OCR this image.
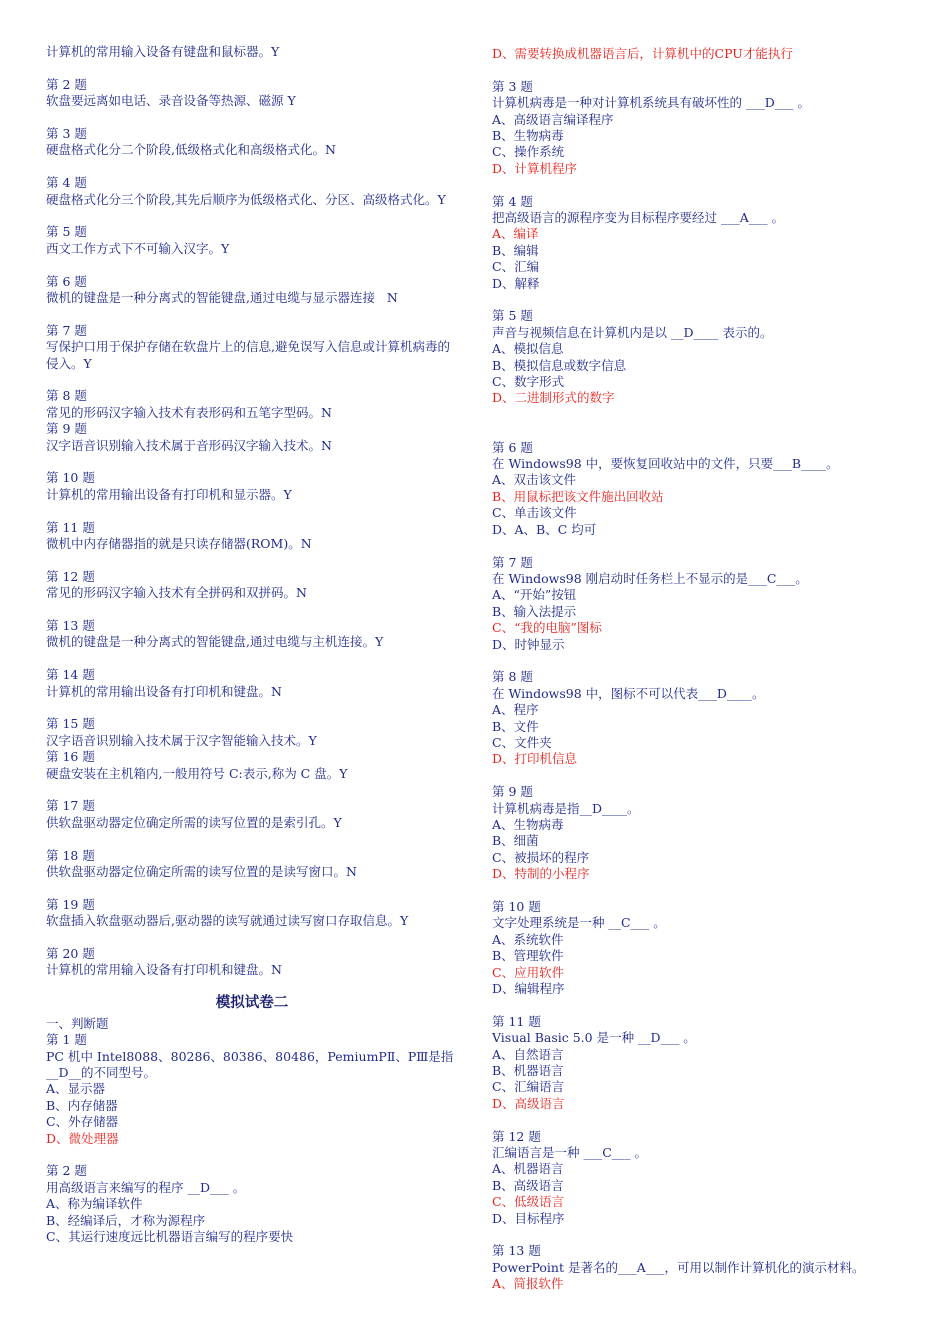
计算机的常用输入设备有键盘和鼠标器。Y
第 2 题
软盘要远离如电话、录音设备等热源、磁源 Y
第 3 题
硬盘格式化分二个阶段,低级格式化和高级格式化。N
第 4 题
硬盘格式化分三个阶段,其先后顺序为低级格式化、分区、高级格式化。Y
第 5 题
西文工作方式下不可输入汉字。Y
第 6 题
微机的键盘是一种分离式的智能键盘,通过电缆与显示器连接   N
第 7 题
写保护口用于保护存储在软盘片上的信息,避免误写入信息或计算机病毒的侵入。Y
第 8 题
常见的形码汉字输入技术有表形码和五笔字型码。N
第 9 题
汉字语音识别输入技术属于音形码汉字输入技术。N
第 10 题
计算机的常用输出设备有打印机和显示器。Y
第 11 题
微机中内存储器指的就是只读存储器(ROM)。N
第 12 题
常见的形码汉字输入技术有全拼码和双拼码。N
第 13 题
微机的键盘是一种分离式的智能键盘,通过电缆与主机连接。Y
第 14 题
计算机的常用输出设备有打印机和键盘。N
第 15 题
汉字语音识别输入技术属于汉字智能输入技术。Y
第 16 题
硬盘安装在主机箱内,一般用符号 C:表示,称为 C 盘。Y
第 17 题
供软盘驱动器定位确定所需的读写位置的是索引孔。Y
第 18 题
供软盘驱动器定位确定所需的读写位置的是读写窗口。N
第 19 题
软盘插入软盘驱动器后,驱动器的读写就通过读写窗口存取信息。Y
第 20 题
计算机的常用输入设备有打印机和键盘。N
模拟试卷二
一、判断题
第 1 题
PC 机中 Intel8088、80286、80386、80486，PemiumPⅡ、PⅢ是指__D__的不同型号。
A、显示器
B、内存储器
C、外存储器
D、微处理器
第 2 题
用高级语言来编写的程序 __D___ 。
A、称为编译软件
B、经编译后，才称为源程序
C、其运行速度远比机器语言编写的程序要快
D、需要转换成机器语言后，计算机中的CPU才能执行
第 3 题
计算机病毒是一种对计算机系统具有破坏性的 ___D___ 。
A、高级语言编译程序
B、生物病毒
C、操作系统
D、计算机程序
第 4 题
把高级语言的源程序变为目标程序要经过 ___A___ 。
A、编译
B、编辑
C、汇编
D、解释
第 5 题
声音与视频信息在计算机内是以 __D____ 表示的。
A、模拟信息
B、模拟信息或数字信息
C、数字形式
D、二进制形式的数字
第 6 题
在 Windows98 中，要恢复回收站中的文件，只要___B____。
A、双击该文件
B、用鼠标把该文件施出回收站
C、单击该文件
D、A、B、C 均可
第 7 题
在 Windows98 刚启动时任务栏上不显示的是___C___。
A、“开始”按钮
B、输入法提示
C、“我的电脑”图标
D、时钟显示
第 8 题
在 Windows98 中，图标不可以代表___D____。
A、程序
B、文件
C、文件夹
D、打印机信息
第 9 题
计算机病毒是指__D____。
A、生物病毒
B、细菌
C、被损坏的程序
D、特制的小程序
第 10 题
文字处理系统是一种 __C___ 。
A、系统软件
B、管理软件
C、应用软件
D、编辑程序
第 11 题
Visual Basic 5.0 是一种 __D___ 。
A、自然语言
B、机器语言
C、汇编语言
D、高级语言
第 12 题
汇编语言是一种 ___C___ 。
A、机器语言
B、高级语言
C、低级语言
D、目标程序
第 13 题
PowerPoint 是著名的___A___，可用以制作计算机化的演示材料。
A、简报软件
